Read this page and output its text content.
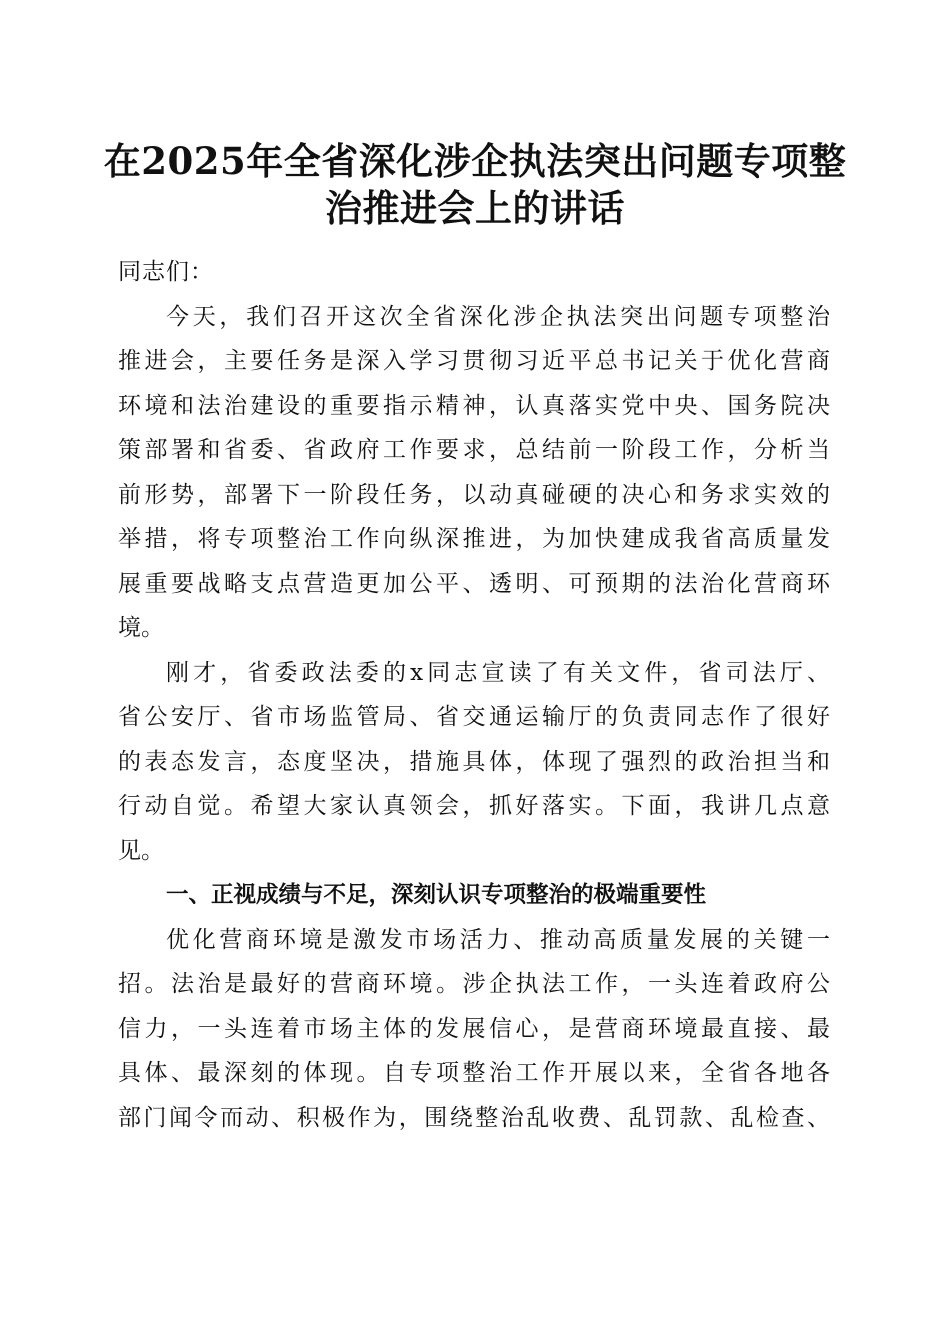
在2025年全省深化涉企执法突出问题专项整
治推进会上的讲话

同志们：

今天，我们召开这次全省深化涉企执法突出问题专项整治
推进会，主要任务是深入学习贯彻习近平总书记关于优化营商
环境和法治建设的重要指示精神，认真落实党中央、国务院决
策部署和省委、省政府工作要求，总结前一阶段工作，分析当
前形势，部署下一阶段任务，以动真碰硬的决心和务求实效的
举措，将专项整治工作向纵深推进，为加快建成我省高质量发
展重要战略支点营造更加公平、透明、可预期的法治化营商环
境。
刚才，省委政法委的x同志宣读了有关文件，省司法厅、
省公安厅、省市场监管局、省交通运输厅的负责同志作了很好
的表态发言，态度坚决，措施具体，体现了强烈的政治担当和
行动自觉。希望大家认真领会，抓好落实。下面，我讲几点意
见。

一、正视成绩与不足，深刻认识专项整治的极端重要性

优化营商环境是激发市场活力、推动高质量发展的关键一
招。法治是最好的营商环境。涉企执法工作，一头连着政府公
信力，一头连着市场主体的发展信心，是营商环境最直接、最
具体、最深刻的体现。自专项整治工作开展以来，全省各地各
部门闻令而动、积极作为，围绕整治乱收费、乱罚款、乱检查、
